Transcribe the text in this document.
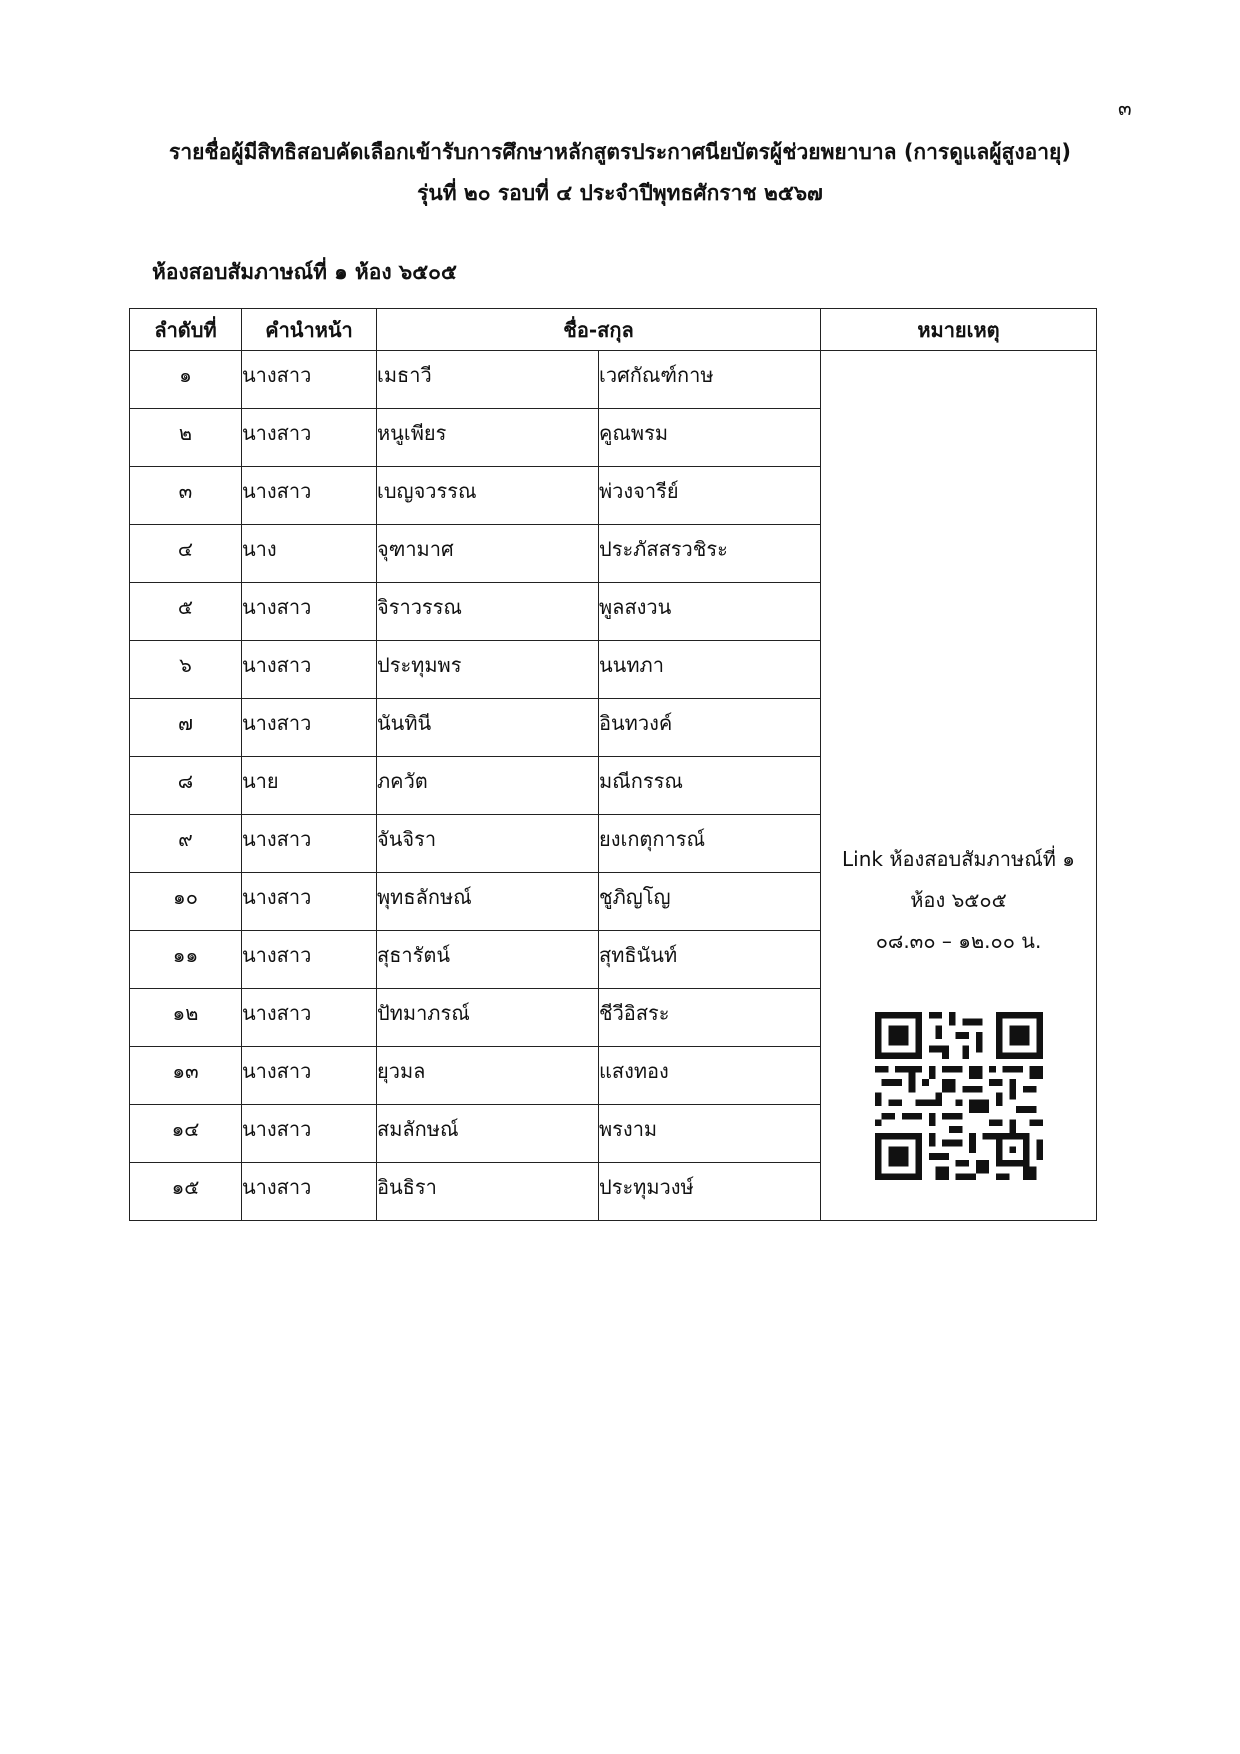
๓
รายชื่อผู้มีสิทธิสอบคัดเลือกเข้ารับการศึกษาหลักสูตรประกาศนียบัตรผู้ช่วยพยาบาล (การดูแลผู้สูงอายุ)
รุ่นที่ ๒๐ รอบที่ ๔ ประจำปีพุทธศักราช ๒๕๖๗
ห้องสอบสัมภาษณ์ที่ ๑ ห้อง ๖๕๐๕
ลำดับที่	คำนำหน้า	ชื่อ-สกุล		หมายเหตุ
๑	นางสาว	เมธาวี	เวศกัณฑ์กาษ	Link ห้องสอบสัมภาษณ์ที่ ๑
ห้อง ๖๕๐๕
๐๘.๓๐ – ๑๒.๐๐ น.

๒	นางสาว	หนูเพียร	คูณพรม	
๓	นางสาว	เบญจวรรณ	พ่วงจารีย์	
๔	นาง	จุฑามาศ	ประภัสสรวชิระ	
๕	นางสาว	จิราวรรณ	พูลสงวน	
๖	นางสาว	ประทุมพร	นนทภา	
๗	นางสาว	นันทินี	อินทวงค์	
๘	นาย	ภควัต	มณีกรรณ	
๙	นางสาว	จันจิรา	ยงเกตุการณ์	
๑๐	นางสาว	พุทธลักษณ์	ชูภิญโญ	
๑๑	นางสาว	สุธารัตน์	สุทธินันท์	
๑๒	นางสาว	ปัทมาภรณ์	ชีวีอิสระ	
๑๓	นางสาว	ยุวมล	แสงทอง	
๑๔	นางสาว	สมลักษณ์	พรงาม	
๑๕	นางสาว	อินธิรา	ประทุมวงษ์	
